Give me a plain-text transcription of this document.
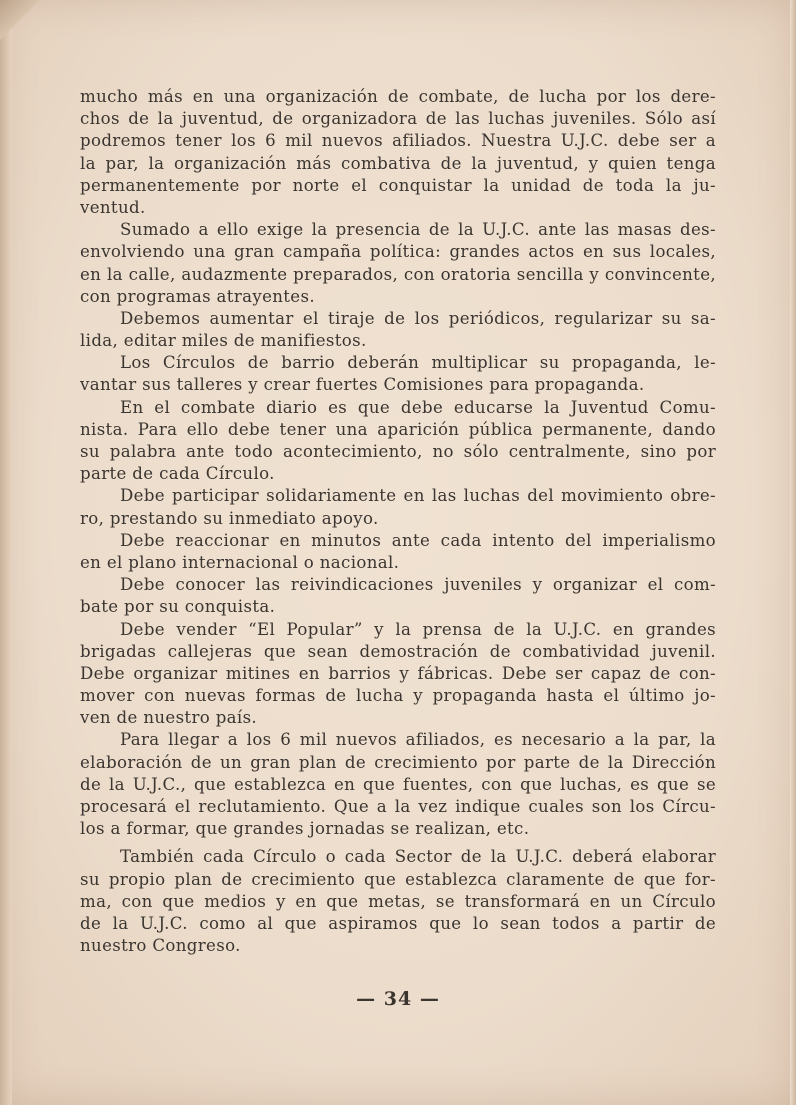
mucho más en una organización de combate, de lucha por los dere-
chos de la juventud, de organizadora de las luchas juveniles. Sólo así
podremos tener los 6 mil nuevos afiliados. Nuestra U.J.C. debe ser a
la par, la organización más combativa de la juventud, y quien tenga
permanentemente por norte el conquistar la unidad de toda la ju-
ventud.
Sumado a ello exige la presencia de la U.J.C. ante las masas des-
envolviendo una gran campaña política: grandes actos en sus locales,
en la calle, audazmente preparados, con oratoria sencilla y convincente,
con programas atrayentes.
Debemos aumentar el tiraje de los periódicos, regularizar su sa-
lida, editar miles de manifiestos.
Los Círculos de barrio deberán multiplicar su propaganda, le-
vantar sus talleres y crear fuertes Comisiones para propaganda.
En el combate diario es que debe educarse la Juventud Comu-
nista. Para ello debe tener una aparición pública permanente, dando
su palabra ante todo acontecimiento, no sólo centralmente, sino por
parte de cada Círculo.
Debe participar solidariamente en las luchas del movimiento obre-
ro, prestando su inmediato apoyo.
Debe reaccionar en minutos ante cada intento del imperialismo
en el plano internacional o nacional.
Debe conocer las reivindicaciones juveniles y organizar el com-
bate por su conquista.
Debe vender “El Popular” y la prensa de la U.J.C. en grandes
brigadas callejeras que sean demostración de combatividad juvenil.
Debe organizar mitines en barrios y fábricas. Debe ser capaz de con-
mover con nuevas formas de lucha y propaganda hasta el último jo-
ven de nuestro país.
Para llegar a los 6 mil nuevos afiliados, es necesario a la par, la
elaboración de un gran plan de crecimiento por parte de la Dirección
de la U.J.C., que establezca en que fuentes, con que luchas, es que se
procesará el reclutamiento. Que a la vez indique cuales son los Círcu-
los a formar, que grandes jornadas se realizan, etc.
También cada Círculo o cada Sector de la U.J.C. deberá elaborar
su propio plan de crecimiento que establezca claramente de que for-
ma, con que medios y en que metas, se transformará en un Círculo
de la U.J.C. como al que aspiramos que lo sean todos a partir de
nuestro Congreso.
— 34 —
